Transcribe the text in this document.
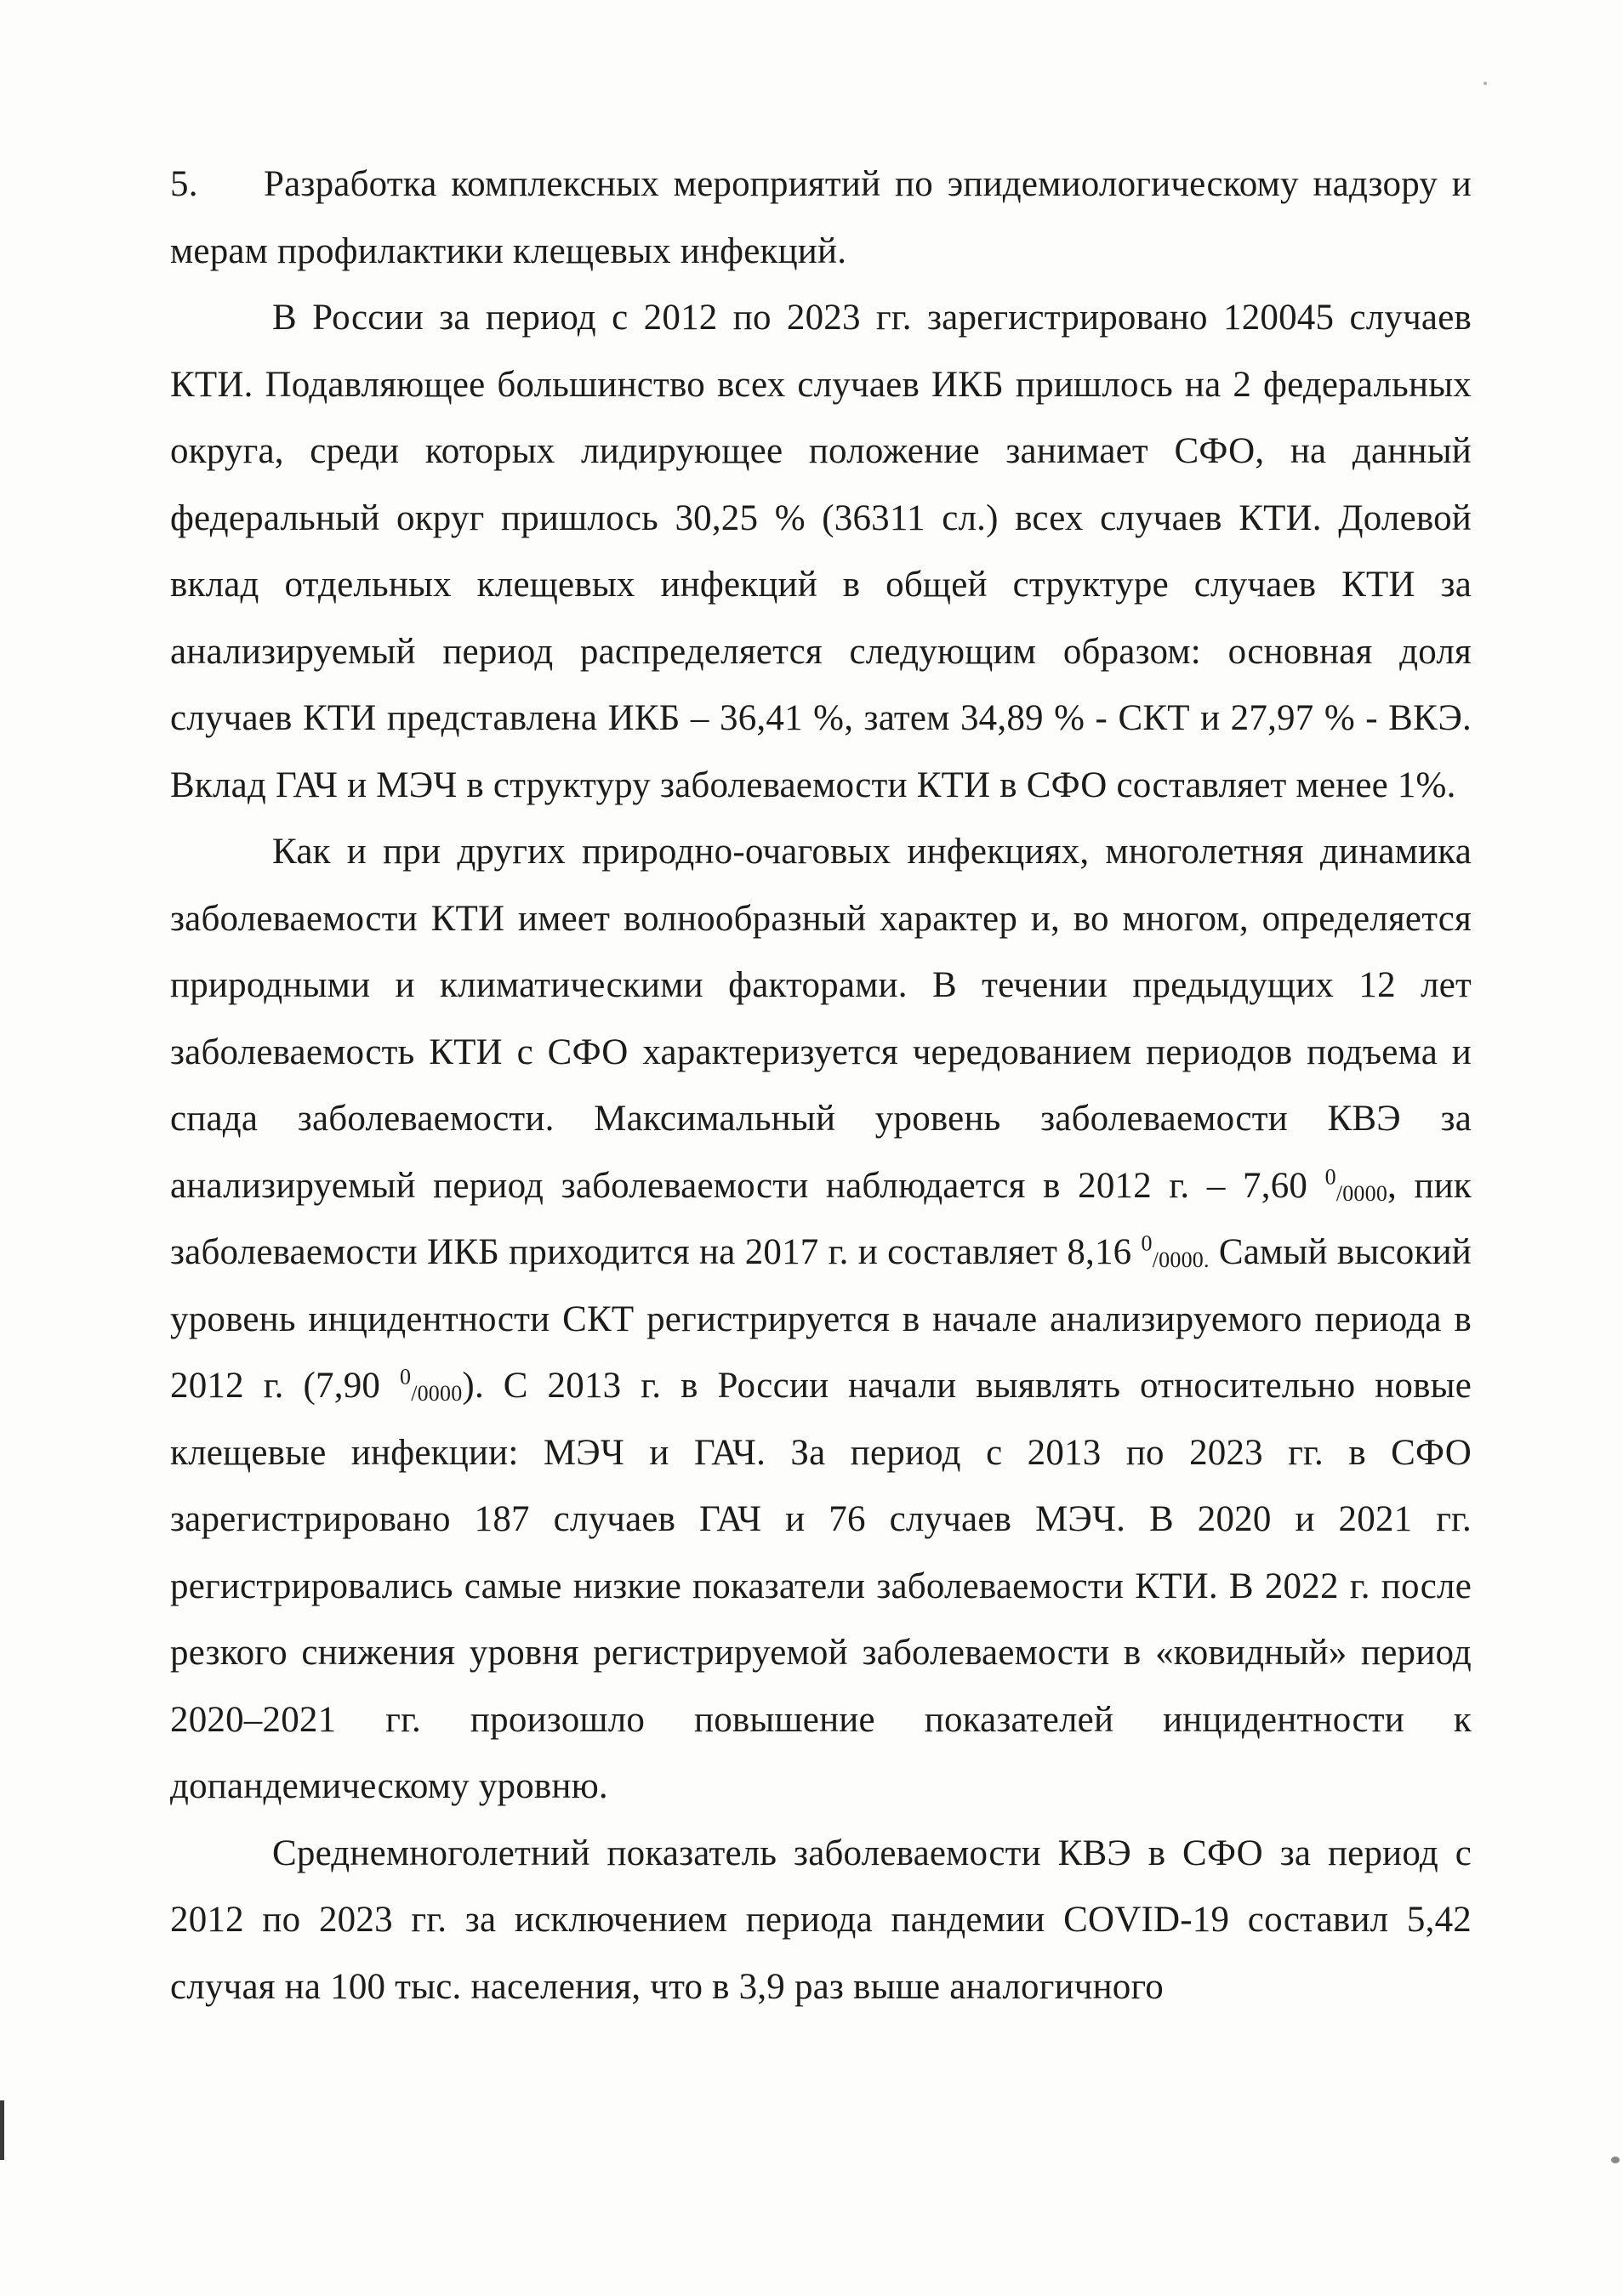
5. Разработка комплексных мероприятий по эпидемиологическому надзору и мерам профилактики клещевых инфекций.

В России за период с 2012 по 2023 гг. зарегистрировано 120045 случаев КТИ. Подавляющее большинство всех случаев ИКБ пришлось на 2 федеральных округа, среди которых лидирующее положение занимает СФО, на данный федеральный округ пришлось 30,25 % (36311 сл.) всех случаев КТИ. Долевой вклад отдельных клещевых инфекций в общей структуре случаев КТИ за анализируемый период распределяется следующим образом: основная доля случаев КТИ представлена ИКБ – 36,41 %, затем 34,89 % - СКТ и 27,97 % - ВКЭ. Вклад ГАЧ и МЭЧ в структуру заболеваемости КТИ в СФО составляет менее 1%.

Как и при других природно-очаговых инфекциях, многолетняя динамика заболеваемости КТИ имеет волнообразный характер и, во многом, определяется природными и климатическими факторами. В течении предыдущих 12 лет заболеваемость КТИ с СФО характеризуется чередованием периодов подъема и спада заболеваемости. Максимальный уровень заболеваемости КВЭ за анализируемый период заболеваемости наблюдается в 2012 г. – 7,60 $^0_{/0000}$, пик заболеваемости ИКБ приходится на 2017 г. и составляет 8,16 $^0_{/0000.}$ Самый высокий уровень инцидентности СКТ регистрируется в начале анализируемого периода в 2012 г. (7,90 $^0_{/0000}$). С 2013 г. в России начали выявлять относительно новые клещевые инфекции: МЭЧ и ГАЧ. За период с 2013 по 2023 гг. в СФО зарегистрировано 187 случаев ГАЧ и 76 случаев МЭЧ. В 2020 и 2021 гг. регистрировались самые низкие показатели заболеваемости КТИ. В 2022 г. после резкого снижения уровня регистрируемой заболеваемости в «ковидный» период 2020–2021 гг. произошло повышение показателей инцидентности к допандемическому уровню.

Среднемноголетний показатель заболеваемости КВЭ в СФО за период с 2012 по 2023 гг. за исключением периода пандемии COVID-19 составил 5,42 случая на 100 тыс. населения, что в 3,9 раз выше аналогичного
